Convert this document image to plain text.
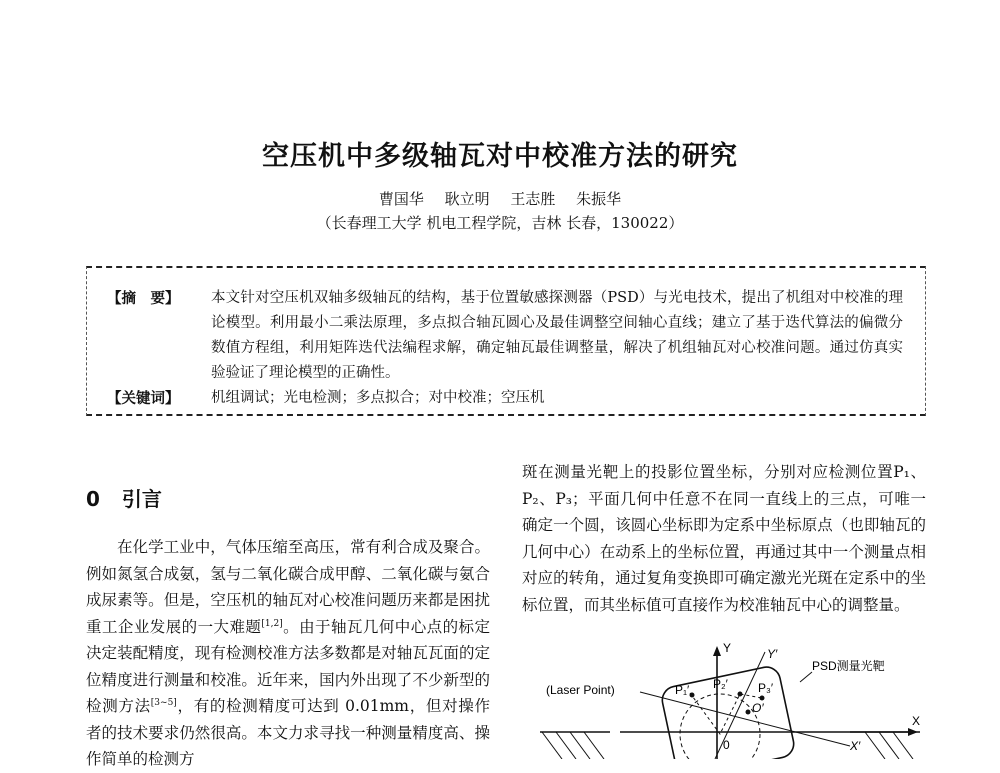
空压机中多级轴瓦对中校准方法的研究
曹国华 耿立明 王志胜 朱振华
（长春理工大学 机电工程学院，吉林 长春，130022）
【摘　要】	本文针对空压机双轴多级轴瓦的结构，基于位置敏感探测器（PSD）与光电技术，提出了机组对中校准的理论模型。利用最小二乘法原理，多点拟合轴瓦圆心及最佳调整空间轴心直线；建立了基于迭代算法的偏微分数值方程组，利用矩阵迭代法编程求解，确定轴瓦最佳调整量，解决了机组轴瓦对心校准问题。通过仿真实验验证了理论模型的正确性。
【关键词】	机组调试；光电检测；多点拟合；对中校准；空压机
0 引言
在化学工业中，气体压缩至高压，常有利合成及聚合。例如氮氢合成氨，氢与二氧化碳合成甲醇、二氧化碳与氨合成尿素等。但是，空压机的轴瓦对心校准问题历来都是困扰重工企业发展的一大难题[1,2]。由于轴瓦几何中心点的标定决定装配精度，现有检测校准方法多数都是对轴瓦瓦面的定位精度进行测量和校准。近年来，国内外出现了不少新型的检测方法[3~5]，有的检测精度可达到 0.01mm，但对操作者的技术要求仍然很高。本文力求寻找一种测量精度高、操作简单的检测方
斑在测量光靶上的投影位置坐标，分别对应检测位置P₁、P₂、P₃；平面几何中任意不在同一直线上的三点，可唯一确定一个圆，该圆心坐标即为定系中坐标原点（也即轴瓦的几何中心）在动系上的坐标位置，再通过其中一个测量点相对应的转角，通过复角变换即可确定激光光斑在定系中的坐标位置，而其坐标值可直接作为校准轴瓦中心的调整量。
Y	Y′
PSD测量光靶
(Laser Point)	P₁′ P₂′	P₃′
O′
0
X
X′
